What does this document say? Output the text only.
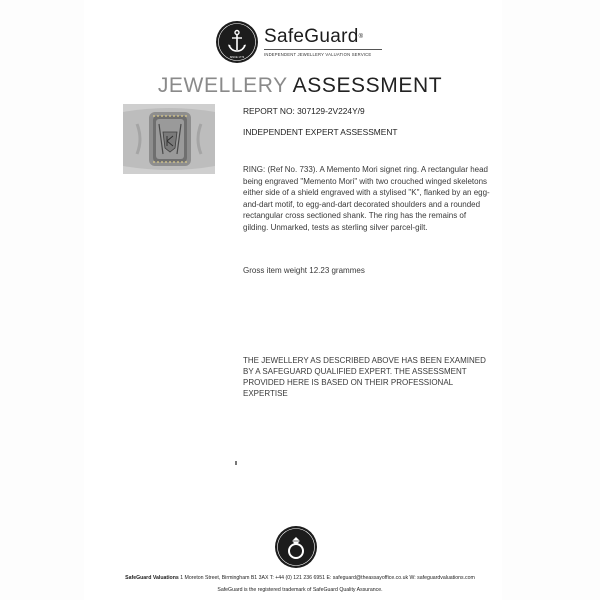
SINCE 1773
SafeGuard®
INDEPENDENT JEWELLERY VALUATION SERVICE
JEWELLERY ASSESSMENT
REPORT NO: 307129-2V224Y/9
INDEPENDENT EXPERT ASSESSMENT
RING: (Ref No. 733). A Memento Mori signet ring. A rectangular head being engraved "Memento Mori" with two crouched winged skeletons either side of a shield engraved with a stylised "K", flanked by an egg-and-dart motif, to egg-and-dart decorated shoulders and a rounded rectangular cross sectioned shank. The ring has the remains of gilding. Unmarked, tests as sterling silver parcel-gilt.
Gross item weight 12.23 grammes
THE JEWELLERY AS DESCRIBED ABOVE HAS BEEN EXAMINED BY A SAFEGUARD QUALIFIED EXPERT. THE ASSESSMENT PROVIDED HERE IS BASED ON THEIR PROFESSIONAL EXPERTISE
SafeGuard Valuations 1 Moreton Street, Birmingham B1 3AX T: +44 (0) 121 236 6951 E: safeguard@theassayoffice.co.uk W: safeguardvaluations.com
SafeGuard is the registered trademark of SafeGuard Quality Assurance.
